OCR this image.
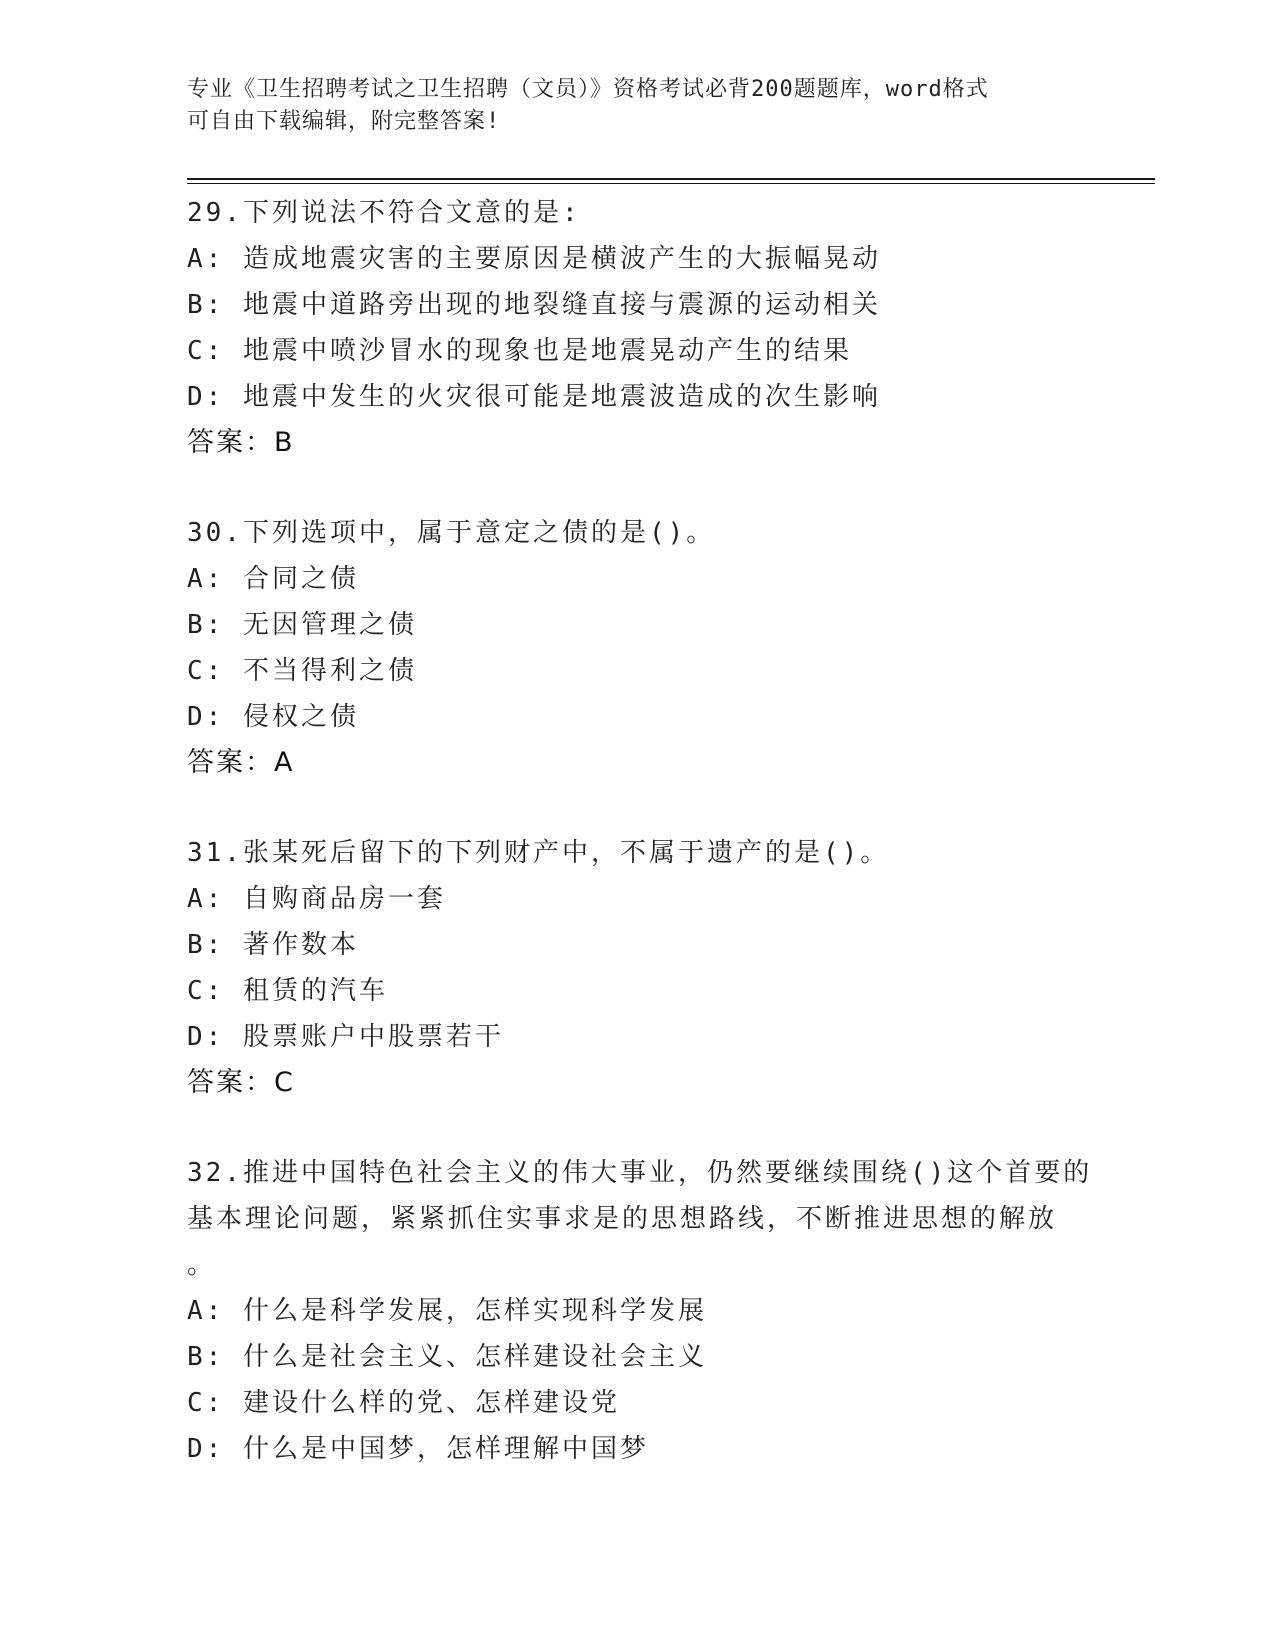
专业《卫生招聘考试之卫生招聘（文员）》资格考试必背200题题库，word格式
可自由下载编辑，附完整答案!
29.下列说法不符合文意的是:
A: 造成地震灾害的主要原因是横波产生的大振幅晃动
B: 地震中道路旁出现的地裂缝直接与震源的运动相关
C: 地震中喷沙冒水的现象也是地震晃动产生的结果
D: 地震中发生的火灾很可能是地震波造成的次生影响
答案：B
30.下列选项中，属于意定之债的是()。
A: 合同之债
B: 无因管理之债
C: 不当得利之债
D: 侵权之债
答案：A
31.张某死后留下的下列财产中，不属于遗产的是()。
A: 自购商品房一套
B: 著作数本
C: 租赁的汽车
D: 股票账户中股票若干
答案：C
32.推进中国特色社会主义的伟大事业，仍然要继续围绕()这个首要的
基本理论问题，紧紧抓住实事求是的思想路线，不断推进思想的解放
。
A: 什么是科学发展，怎样实现科学发展
B: 什么是社会主义、怎样建设社会主义
C: 建设什么样的党、怎样建设党
D: 什么是中国梦，怎样理解中国梦
